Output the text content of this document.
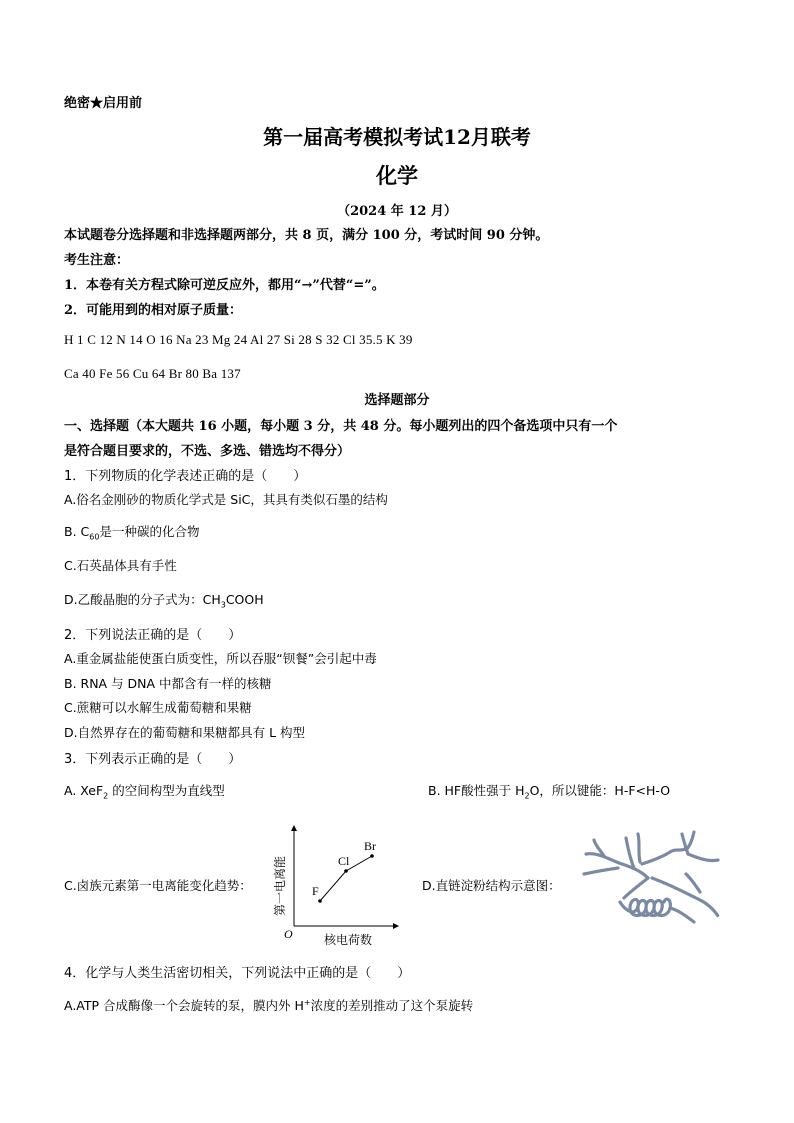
绝密★启用前
第一届高考模拟考试12月联考
化学
（2024 年 12 月）
本试题卷分选择题和非选择题两部分，共 8 页，满分 100 分，考试时间 90 分钟。
考生注意：
1．本卷有关方程式除可逆反应外，都用“→”代替“=”。
2．可能用到的相对原子质量：
H 1 C 12 N 14 O 16 Na 23 Mg 24 Al 27 Si 28 S 32 Cl 35.5 K 39
Ca 40 Fe 56 Cu 64 Br 80 Ba 137
选择题部分
一、选择题（本大题共 16 小题，每小题 3 分，共 48 分。每小题列出的四个备选项中只有一个
是符合题目要求的，不选、多选、错选均不得分）
1．下列物质的化学表述正确的是（　　）
A.俗名金刚砂的物质化学式是 SiC，其具有类似石墨的结构
B. $C_{60}$是一种碳的化合物
C.石英晶体具有手性
D.乙酸晶胞的分子式为：$CH_3COOH$
2．下列说法正确的是（　　）
A.重金属盐能使蛋白质变性，所以吞服“钡餐”会引起中毒
B. RNA 与 DNA 中都含有一样的核糖
C.蔗糖可以水解生成葡萄糖和果糖
D.自然界存在的葡萄糖和果糖都具有 L 构型
3．下列表示正确的是（　　）
A. XeF$_2$ 的空间构型为直线型	B. HF酸性强于 $H_2O$，所以键能：H-F<H-O
C.卤族元素第一电离能变化趋势：
O	核电荷数
第一电离能 F
Cl
Br
D.直链淀粉结构示意图：
4．化学与人类生活密切相关，下列说法中正确的是（　　）
A.ATP 合成酶像一个会旋转的泵，膜内外 H+浓度的差别推动了这个泵旋转
